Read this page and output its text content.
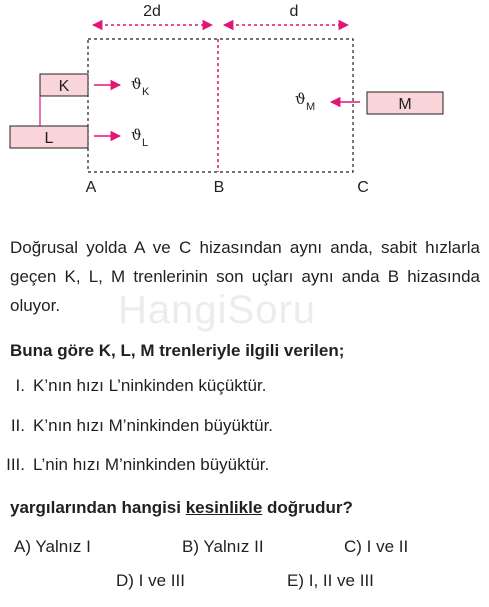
2d	d
K
L
M
ϑ K
ϑ L
ϑ M
A	B	C
HangiSoru
Doğrusal yolda A ve C hizasından aynı anda, sabit hızlarla geçen K, L, M trenlerinin son uçları aynı anda B hizasında oluyor.
Buna göre K, L, M trenleriyle ilgili verilen;
I. K’nın hızı L’ninkinden küçüktür.
II. K’nın hızı M’ninkinden büyüktür.
III. L’nin hızı M’ninkinden büyüktür.
yargılarından hangisi kesinlikle doğrudur?
A) Yalnız I	B) Yalnız II	C) I ve II
D) I ve III	E) I, II ve III
